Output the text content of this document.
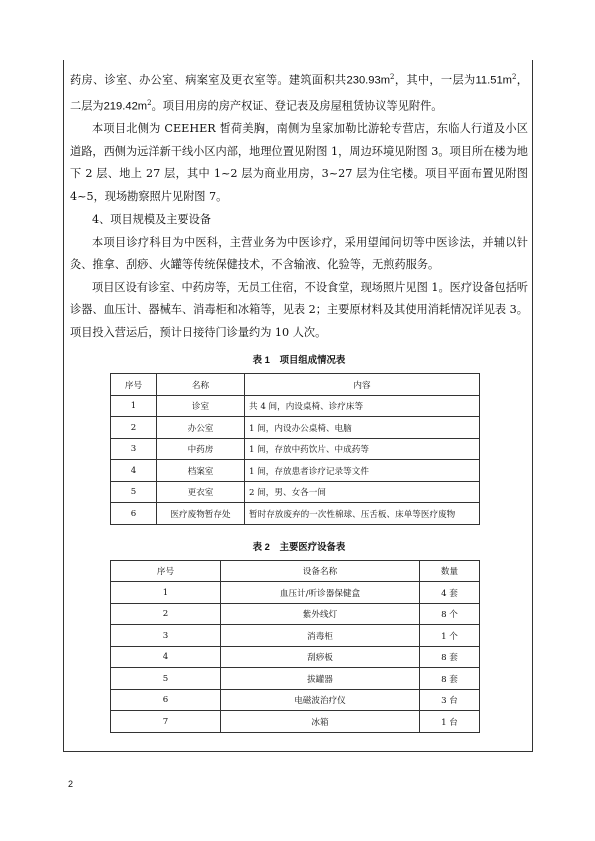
药房、诊室、办公室、病案室及更衣室等。建筑面积共$230.93m^2$，其中，一层为$11.51m^2$，二层为$219.42m^2$。项目用房的房产权证、登记表及房屋租赁协议等见附件。

本项目北侧为 CEEHER 皙荷美胸，南侧为皇家加勒比游轮专营店，东临人行道及小区道路，西侧为远洋新干线小区内部，地理位置见附图 1，周边环境见附图 3。项目所在楼为地下 2 层、地上 27 层，其中 1~2 层为商业用房，3~27 层为住宅楼。项目平面布置见附图 4~5，现场勘察照片见附图 7。

4、项目规模及主要设备

本项目诊疗科目为中医科，主营业务为中医诊疗，采用望闻问切等中医诊法，并辅以针灸、推拿、刮痧、火罐等传统保健技术，不含输液、化验等，无煎药服务。

项目区设有诊室、中药房等，无员工住宿，不设食堂，现场照片见图 1。医疗设备包括听诊器、血压计、器械车、消毒柜和冰箱等，见表 2；主要原材料及其使用消耗情况详见表 3。项目投入营运后，预计日接待门诊量约为 10 人次。

表 1 项目组成情况表
序号	名称	内容
1	诊室	共 4 间，内设桌椅、诊疗床等
2	办公室	1 间，内设办公桌椅、电脑
3	中药房	1 间，存放中药饮片、中成药等
4	档案室	1 间，存放患者诊疗记录等文件
5	更衣室	2 间，男、女各一间
6	医疗废物暂存处	暂时存放废弃的一次性棉球、压舌板、床单等医疗废物
表 2 主要医疗设备表
序号	设备名称	数量
1	血压计/听诊器保健盒	4 套
2	紫外线灯	8 个
3	消毒柜	1 个
4	刮痧板	8 套
5	拔罐器	8 套
6	电磁波治疗仪	3 台
7	冰箱	1 台
2
